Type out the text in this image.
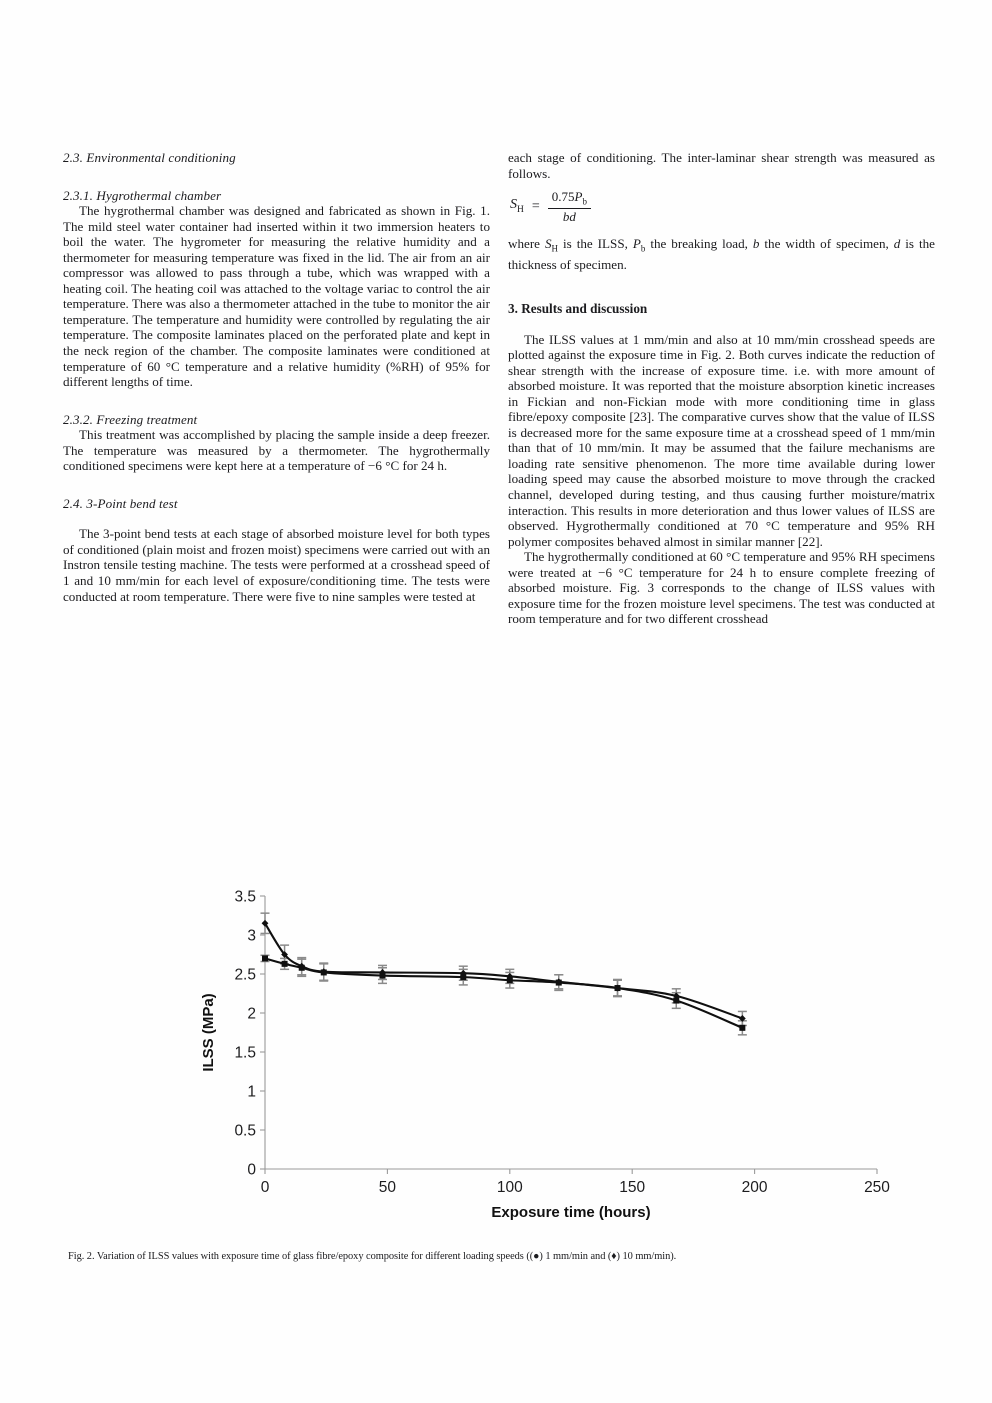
2.3. Environmental conditioning
2.3.1. Hygrothermal chamber

The hygrothermal chamber was designed and fabricated as shown in Fig. 1. The mild steel water container had inserted within it two immersion heaters to boil the water. The hygrometer for measuring the relative humidity and a thermometer for measuring temperature was fixed in the lid. The air from an air compressor was allowed to pass through a tube, which was wrapped with a heating coil. The heating coil was attached to the voltage variac to control the air temperature. There was also a thermometer attached in the tube to monitor the air temperature. The temperature and humidity were controlled by regulating the air temperature. The composite laminates placed on the perforated plate and kept in the neck region of the chamber. The composite laminates were conditioned at temperature of 60 °C temperature and a relative humidity (%RH) of 95% for different lengths of time.

2.3.2. Freezing treatment

This treatment was accomplished by placing the sample inside a deep freezer. The temperature was measured by a thermometer. The hygrothermally conditioned specimens were kept here at a temperature of −6 °C for 24 h.

2.4. 3-Point bend test

The 3-point bend tests at each stage of absorbed moisture level for both types of conditioned (plain moist and frozen moist) specimens were carried out with an Instron tensile testing machine. The tests were performed at a crosshead speed of 1 and 10 mm/min for each level of exposure/conditioning time. The tests were conducted at room temperature. There were five to nine samples were tested at

each stage of conditioning. The inter-laminar shear strength was measured as follows.

$S_H = \frac{0.75P_b}{bd}$

where $S_H$ is the ILSS, $P_b$ the breaking load, b the width of specimen, d is the thickness of specimen.

3. Results and discussion

The ILSS values at 1 mm/min and also at 10 mm/min crosshead speeds are plotted against the exposure time in Fig. 2. Both curves indicate the reduction of shear strength with the increase of exposure time. i.e. with more amount of absorbed moisture. It was reported that the moisture absorption kinetic increases in Fickian and non-Fickian mode with more conditioning time in glass fibre/epoxy composite [23]. The comparative curves show that the value of ILSS is decreased more for the same exposure time at a crosshead speed of 1 mm/min than that of 10 mm/min. It may be assumed that the failure mechanisms are loading rate sensitive phenomenon. The more time available during lower loading speed may cause the absorbed moisture to move through the cracked channel, developed during testing, and thus causing further moisture/matrix interaction. This results in more deterioration and thus lower values of ILSS are observed. Hygrothermally conditioned at 70 °C temperature and 95% RH polymer composites behaved almost in similar manner [22].

The hygrothermally conditioned at 60 °C temperature and 95% RH specimens were treated at −6 °C temperature for 24 h to ensure complete freezing of absorbed moisture. Fig. 3 corresponds to the change of ILSS values with exposure time for the frozen moisture level specimens. The test was conducted at room temperature and for two different crosshead

0
0.5
1
1.5
2
2.5
3
3.5
0	50	100	150	200	250
Exposure time (hours)
ILSS (MPa)
Fig. 2. Variation of ILSS values with exposure time of glass fibre/epoxy composite for different loading speeds ((●) 1 mm/min and (♦) 10 mm/min).
